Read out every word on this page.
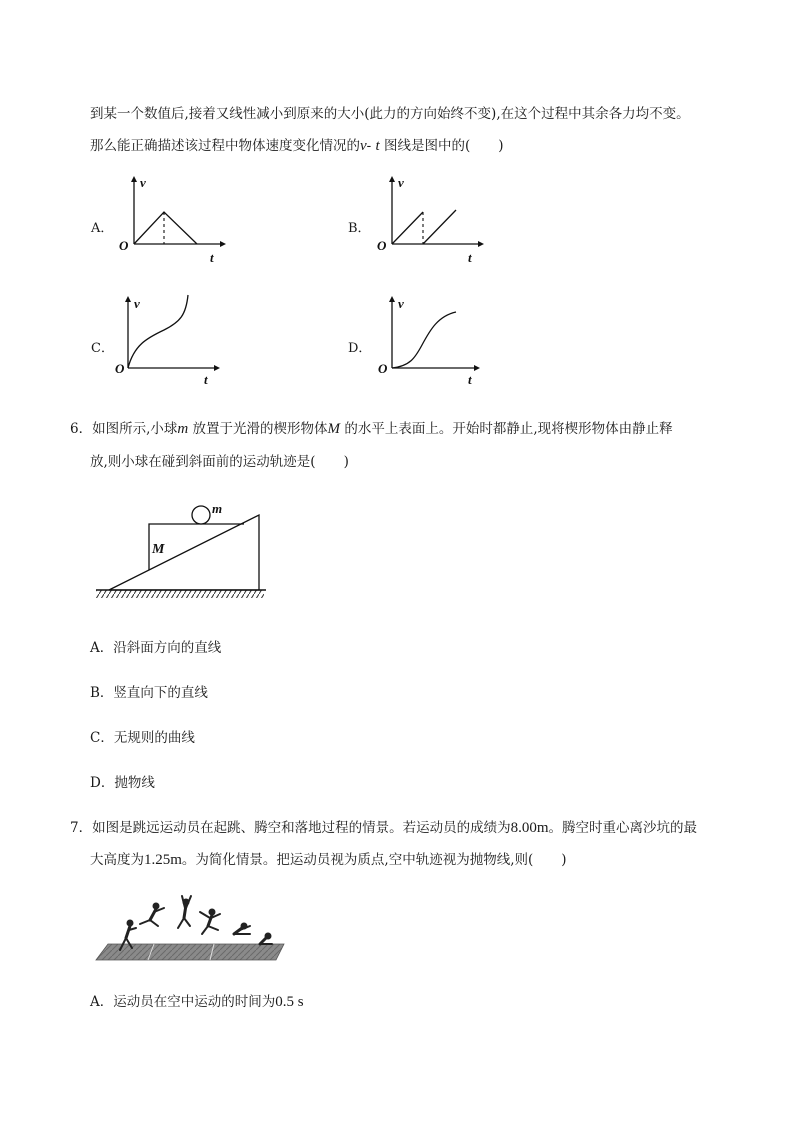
到某一个数值后,接着又线性减小到原来的大小(此力的方向始终不变),在这个过程中其余各力均不变。
那么能正确描述该过程中物体速度变化情况的v- t 图线是图中的( )
A．
v
t
O
B．
v
t
O
C．
v
t
O
D．
v
t
O
6．如图所示,小球m 放置于光滑的楔形物体M 的水平上表面上。开始时都静止,现将楔形物体由静止释
放,则小球在碰到斜面前的运动轨迹是( )
m
M
A．沿斜面方向的直线
B．竖直向下的直线
C．无规则的曲线
D．抛物线
7．如图是跳远运动员在起跳、腾空和落地过程的情景。若运动员的成绩为8.00m。腾空时重心离沙坑的最
大高度为1.25m。为简化情景。把运动员视为质点,空中轨迹视为抛物线,则( )
A．运动员在空中运动的时间为0.5 s
